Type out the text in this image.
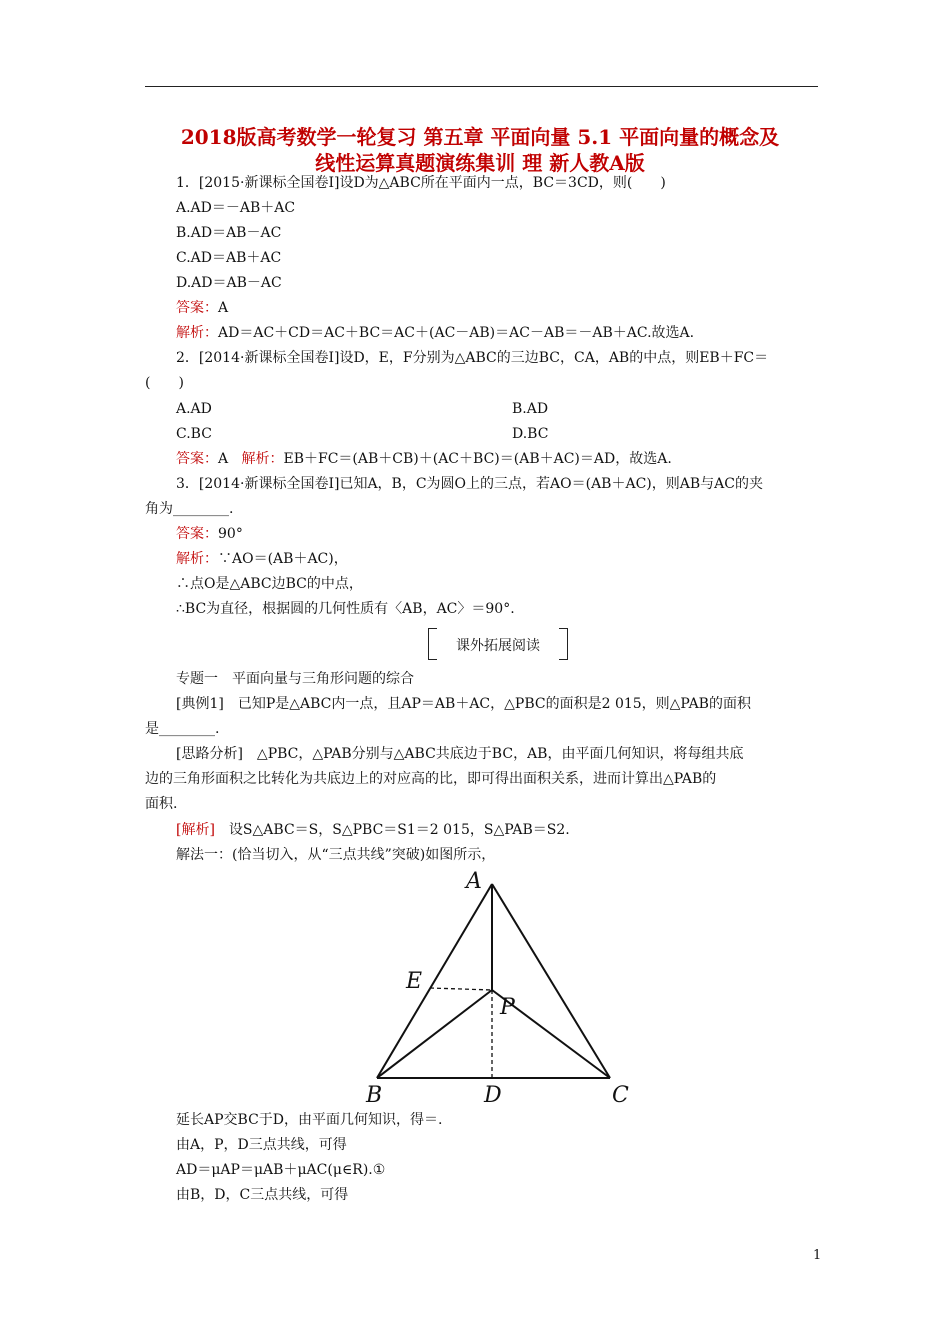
2018版高考数学一轮复习 第五章 平面向量 5.1 平面向量的概念及
线性运算真题演练集训 理 新人教A版
1．[2015·新课标全国卷Ⅰ]设D为△ABC所在平面内一点，BC＝3CD，则(　　)
A.AD＝－AB＋AC
B.AD＝AB－AC
C.AD＝AB＋AC
D.AD＝AB－AC
答案：A
解析：AD＝AC＋CD＝AC＋BC＝AC＋(AC－AB)＝AC－AB＝－AB＋AC.故选A.
2．[2014·新课标全国卷Ⅰ]设D，E，F分别为△ABC的三边BC，CA，AB的中点，则EB＋FC＝
(　　)
A.AD	B.AD
C.BC	D.BC
答案：A 解析：EB＋FC＝(AB＋CB)＋(AC＋BC)＝(AB＋AC)＝AD，故选A.
3．[2014·新课标全国卷Ⅰ]已知A，B，C为圆O上的三点，若AO＝(AB＋AC)，则AB与AC的夹
角为________.
答案：90°
解析：∵AO＝(AB＋AC)，
∴点O是△ABC边BC的中点，
∴BC为直径，根据圆的几何性质有〈AB，AC〉＝90°.
课外拓展阅读
专题一　平面向量与三角形问题的综合
[典例1]　已知P是△ABC内一点，且AP＝AB＋AC，△PBC的面积是2 015，则△PAB的面积
是________.
[思路分析]　△PBC，△PAB分别与△ABC共底边于BC，AB，由平面几何知识，将每组共底
边的三角形面积之比转化为共底边上的对应高的比，即可得出面积关系，进而计算出△PAB的
面积.
[解析]　设S△ABC＝S，S△PBC＝S1＝2 015，S△PAB＝S2.
解法一：(恰当切入，从“三点共线”突破)如图所示，
A
E
P
B	D	C
延长AP交BC于D，由平面几何知识，得＝.
由A，P，D三点共线，可得
AD＝μAP＝μAB＋μAC(μ∈R).①
由B，D，C三点共线，可得
1
